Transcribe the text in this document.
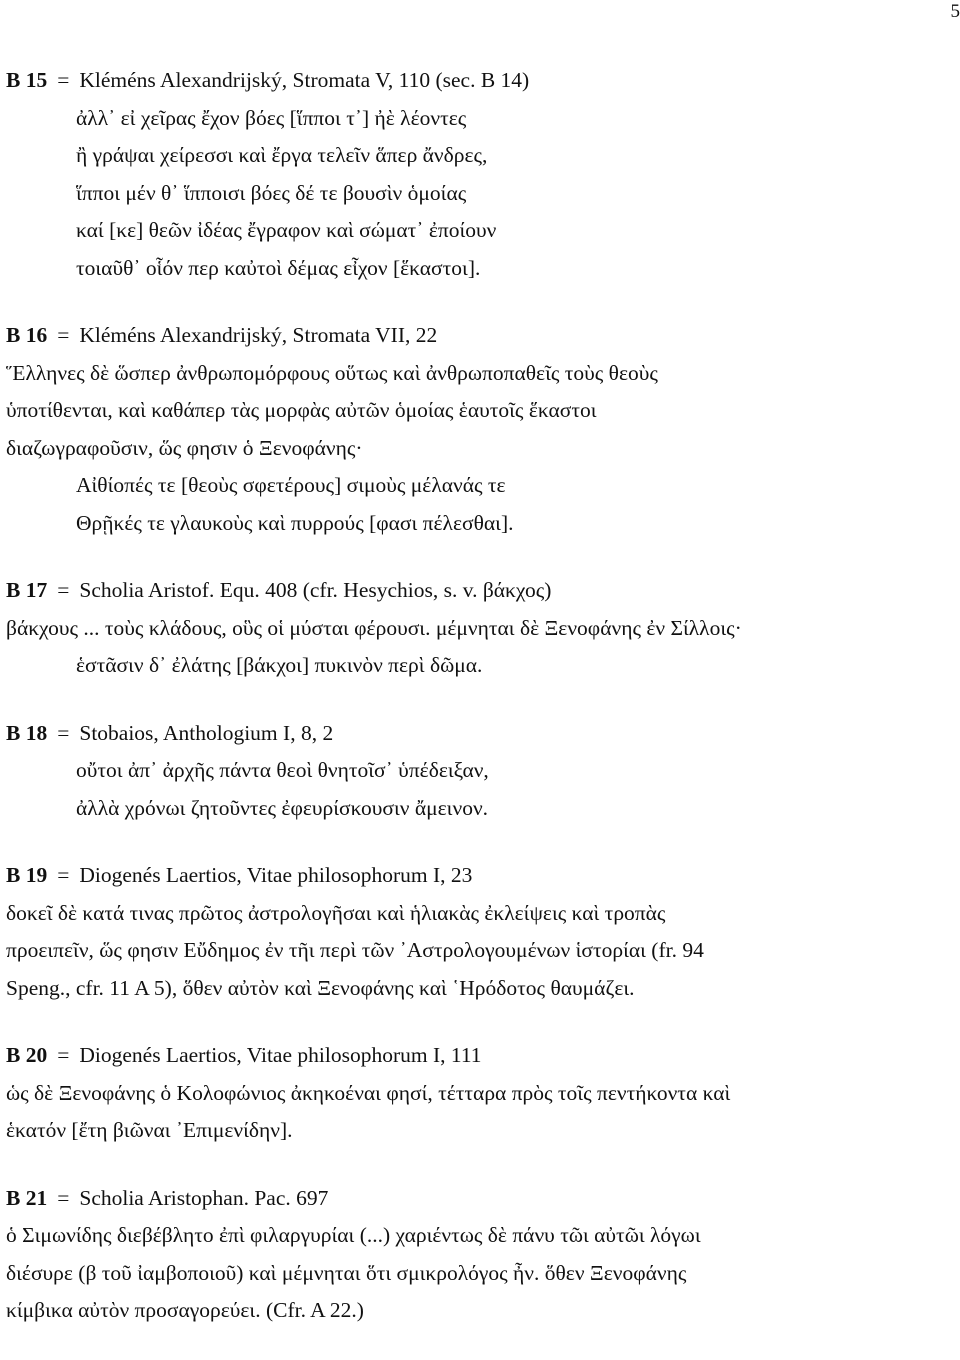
5
B 15 = Kléméns Alexandrijský, Stromata V, 110 (sec. B 14)
ἀλλ᾽ εἰ χεῖρας ἔχον βόες [ἵπποι τ᾽] ἠὲ λέοντες
ἢ γράψαι χείρεσσι καὶ ἔργα τελεῖν ἅπερ ἄνδρες,
ἵπποι μέν θ᾽ ἵπποισι βόες δέ τε βουσὶν ὁμοίας
καί [κε] θεῶν ἰδέας ἔγραφον καὶ σώματ᾽ ἐποίουν
τοιαῦθ᾽ οἷόν περ καὐτοὶ δέμας εἶχον [ἕκαστοι].
B 16 = Kléméns Alexandrijský, Stromata VII, 22
Ἕλληνες δὲ ὥσπερ ἀνθρωπομόρφους οὕτως καὶ ἀνθρωποπαθεῖς τοὺς θεοὺς
ὑποτίθενται, καὶ καθάπερ τὰς μορφὰς αὐτῶν ὁμοίας ἑαυτοῖς ἕκαστοι
διαζωγραφοῦσιν, ὥς φησιν ὁ Ξενοφάνης·
Αἰθίοπές τε [θεοὺς σφετέρους] σιμοὺς μέλανάς τε
Θρῇκές τε γλαυκοὺς καὶ πυρρούς [φασι πέλεσθαι].
B 17 = Scholia Aristof. Equ. 408 (cfr. Hesychios, s. v. βάκχος)
βάκχους ... τοὺς κλάδους, οὓς οἱ μύσται φέρουσι. μέμνηται δὲ Ξενοφάνης ἐν Σίλλοις·
ἑστᾶσιν δ᾽ ἐλάτης [βάκχοι] πυκινὸν περὶ δῶμα.
B 18 = Stobaios, Anthologium I, 8, 2
οὔτοι ἀπ᾽ ἀρχῆς πάντα θεοὶ θνητοῖσ᾽ ὑπέδειξαν,
ἀλλὰ χρόνωι ζητοῦντες ἐφευρίσκουσιν ἄμεινον.
B 19 = Diogenés Laertios, Vitae philosophorum I, 23
δοκεῖ δὲ κατά τινας πρῶτος ἀστρολογῆσαι καὶ ἡλιακὰς ἐκλείψεις καὶ τροπὰς
προειπεῖν, ὥς φησιν Εὔδημος ἐν τῆι περὶ τῶν ᾽Αστρολογουμένων ἱστορίαι (fr. 94
Speng., cfr. 11 A 5), ὅθεν αὐτὸν καὶ Ξενοφάνης καὶ ῾Ηρόδοτος θαυμάζει.
B 20 = Diogenés Laertios, Vitae philosophorum I, 111
ὡς δὲ Ξενοφάνης ὁ Κολοφώνιος ἀκηκοέναι φησί, τέτταρα πρὸς τοῖς πεντήκοντα καὶ
ἑκατόν [ἔτη βιῶναι ᾽Επιμενίδην].
B 21 = Scholia Aristophan. Pac. 697
ὁ Σιμωνίδης διεβέβλητο ἐπὶ φιλαργυρίαι (...) χαριέντως δὲ πάνυ τῶι αὐτῶι λόγωι
διέσυρε (β τοῦ ἰαμβοποιοῦ) καὶ μέμνηται ὅτι σμικρολόγος ἦν. ὅθεν Ξενοφάνης
κίμβικα αὐτὸν προσαγορεύει. (Cfr. A 22.)
